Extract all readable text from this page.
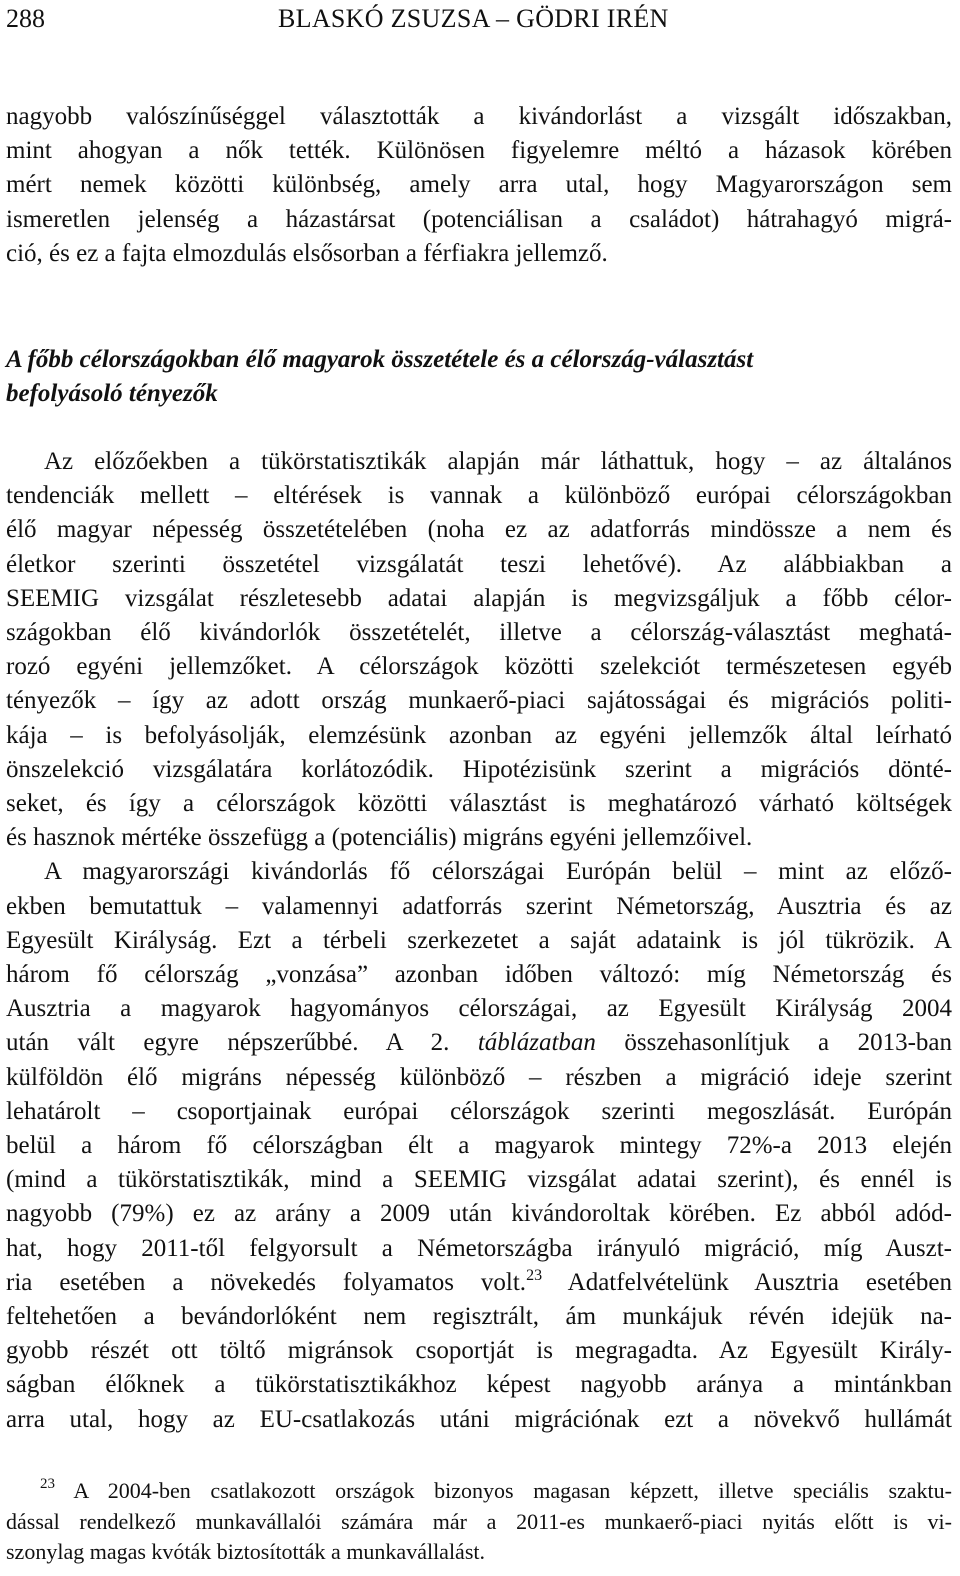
288	BLASKÓ ZSUZSA – GÖDRI IRÉN

nagyobb valószínűséggel választották a kivándorlást a vizsgált időszakban,
mint ahogyan a nők tették. Különösen figyelemre méltó a házasok körében
mért nemek közötti különbség, amely arra utal, hogy Magyarországon sem
ismeretlen jelenség a házastársat (potenciálisan a családot) hátrahagyó migrá-
ció, és ez a fajta elmozdulás elsősorban a férfiakra jellemző.

A főbb célországokban élő magyarok összetétele és a célország-választást
befolyásoló tényezők

Az előzőekben a tükörstatisztikák alapján már láthattuk, hogy – az általános
tendenciák mellett – eltérések is vannak a különböző európai célországokban
élő magyar népesség összetételében (noha ez az adatforrás mindössze a nem és
életkor szerinti összetétel vizsgálatát teszi lehetővé). Az alábbiakban a
SEEMIG vizsgálat részletesebb adatai alapján is megvizsgáljuk a főbb célor-
szágokban élő kivándorlók összetételét, illetve a célország-választást meghatá-
rozó egyéni jellemzőket. A célországok közötti szelekciót természetesen egyéb
tényezők – így az adott ország munkaerő-piaci sajátosságai és migrációs politi-
kája – is befolyásolják, elemzésünk azonban az egyéni jellemzők által leírható
önszelekció vizsgálatára korlátozódik. Hipotézisünk szerint a migrációs dönté-
seket, és így a célországok közötti választást is meghatározó várható költségek
és hasznok mértéke összefügg a (potenciális) migráns egyéni jellemzőivel.

A magyarországi kivándorlás fő célországai Európán belül – mint az előző-
ekben bemutattuk – valamennyi adatforrás szerint Németország, Ausztria és az
Egyesült Királyság. Ezt a térbeli szerkezetet a saját adataink is jól tükrözik. A
három fő célország „vonzása” azonban időben változó: míg Németország és
Ausztria a magyarok hagyományos célországai, az Egyesült Királyság 2004
után vált egyre népszerűbbé. A 2. táblázatban összehasonlítjuk a 2013-ban
külföldön élő migráns népesség különböző – részben a migráció ideje szerint
lehatárolt – csoportjainak európai célországok szerinti megoszlását. Európán
belül a három fő célországban élt a magyarok mintegy 72%-a 2013 elején
(mind a tükörstatisztikák, mind a SEEMIG vizsgálat adatai szerint), és ennél is
nagyobb (79%) ez az arány a 2009 után kivándoroltak körében. Ez abból adód-
hat, hogy 2011-től felgyorsult a Németországba irányuló migráció, míg Auszt-
ria esetében a növekedés folyamatos volt.$^{23}$ Adatfelvételünk Ausztria esetében
feltehetően a bevándorlóként nem regisztrált, ám munkájuk révén idejük na-
gyobb részét ott töltő migránsok csoportját is megragadta. Az Egyesült Király-
ságban élőknek a tükörstatisztikákhoz képest nagyobb aránya a mintánkban
arra utal, hogy az EU-csatlakozás utáni migrációnak ezt a növekvő hullámát

$^{23}$ A 2004-ben csatlakozott országok bizonyos magasan képzett, illetve speciális szaktu-
dással rendelkező munkavállalói számára már a 2011-es munkaerő-piaci nyitás előtt is vi-
szonylag magas kvóták biztosították a munkavállalást.
